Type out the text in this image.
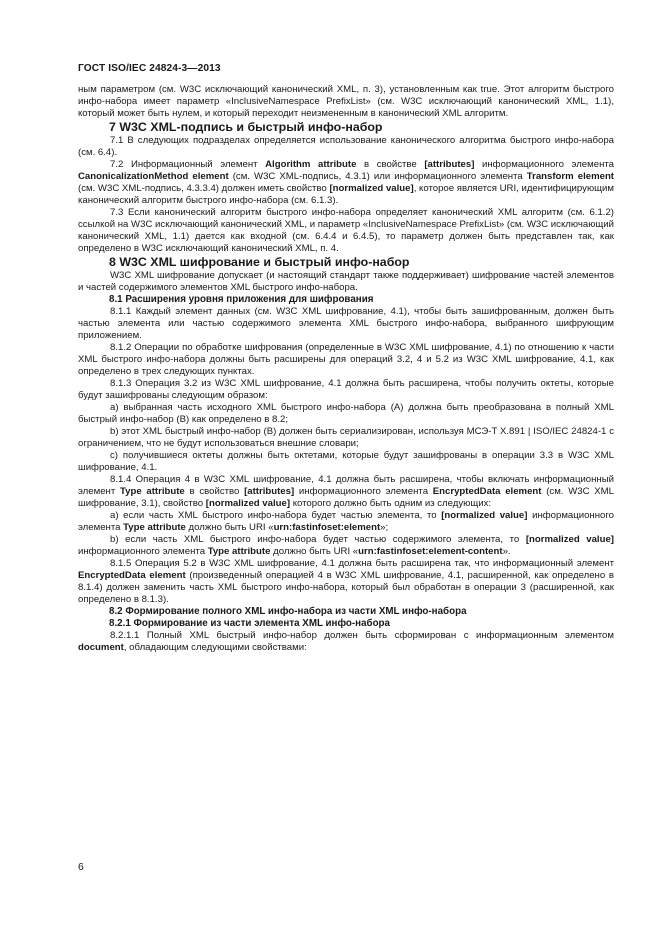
ГОСТ ISO/IEC 24824-3—2013

ным параметром (см. W3C исключающий канонический XML, п. 3), установленным как true. Этот алгоритм быстрого инфо-набора имеет параметр «InclusiveNamespace PrefixList» (см. W3C исключающий канонический XML, 1.1), который может быть нулем, и который переходит неизмененным в канонический XML алгоритм.

7 W3C XML-подпись и быстрый инфо-набор

7.1 В следующих подразделах определяется использование канонического алгоритма быстрого инфо-набора (см. 6.4).

7.2 Информационный элемент Algorithm attribute в свойстве [attributes] информационного элемента CanonicalizationMethod element (см. W3C XML-подпись, 4.3.1) или информационного элемента Transform element (см. W3C XML-подпись, 4.3.3.4) должен иметь свойство [normalized value], которое является URI, идентифицирующим канонический алгоритм быстрого инфо-набора (см. 6.1.3).

7.3 Если канонический алгоритм быстрого инфо-набора определяет канонический XML алгоритм (см. 6.1.2) ссылкой на W3C исключающий канонический XML, и параметр «InclusiveNamespace PrefixList» (см. W3C исключающий канонический XML, 1.1) дается как входной (см. 6.4.4 и 6.4.5), то параметр должен быть представлен так, как определено в W3C исключающий канонический XML, п. 4.

8 W3C XML шифрование и быстрый инфо-набор

W3C XML шифрование допускает (и настоящий стандарт также поддерживает) шифрование частей элементов и частей содержимого элементов XML быстрого инфо-набора.

8.1 Расширения уровня приложения для шифрования

8.1.1 Каждый элемент данных (см. W3C XML шифрование, 4.1), чтобы быть зашифрованным, должен быть частью элемента или частью содержимого элемента XML быстрого инфо-набора, выбранного шифрующим приложением.

8.1.2 Операции по обработке шифрования (определенные в W3C XML шифрование, 4.1) по отношению к части XML быстрого инфо-набора должны быть расширены для операций 3.2, 4 и 5.2 из W3C XML шифрование, 4.1, как определено в трех следующих пунктах.

8.1.3 Операция 3.2 из W3C XML шифрование, 4.1 должна быть расширена, чтобы получить октеты, которые будут зашифрованы следующим образом:

a) выбранная часть исходного XML быстрого инфо-набора (A) должна быть преобразована в полный XML быстрый инфо-набор (B) как определено в 8.2;

b) этот XML быстрый инфо-набор (B) должен быть сериализирован, используя МСЭ-T X.891 | ISO/IEC 24824-1 с ограничением, что не будут использоваться внешние словари;

c) получившиеся октеты должны быть октетами, которые будут зашифрованы в операции 3.3 в W3C XML шифрование, 4.1.

8.1.4 Операция 4 в W3C XML шифрование, 4.1 должна быть расширена, чтобы включать информационный элемент Type attribute в свойство [attributes] информационного элемента EncryptedData element (см. W3C XML шифрование, 3.1), свойство [normalized value] которого должно быть одним из следующих:

a) если часть XML быстрого инфо-набора будет частью элемента, то [normalized value] информационного элемента Type attribute должно быть URI «urn:fastinfoset:element»;

b) если часть XML быстрого инфо-набора будет частью содержимого элемента, то [normalized value] информационного элемента Type attribute должно быть URI «urn:fastinfoset:element-content».

8.1.5 Операция 5.2 в W3C XML шифрование, 4.1 должна быть расширена так, что информационный элемент EncryptedData element (произведенный операцией 4 в W3C XML шифрование, 4.1, расширенной, как определено в 8.1.4) должен заменить часть XML быстрого инфо-набора, который был обработан в операции 3 (расширенной, как определено в 8.1.3).

8.2 Формирование полного XML инфо-набора из части XML инфо-набора

8.2.1 Формирование из части элемента XML инфо-набора

8.2.1.1 Полный XML быстрый инфо-набор должен быть сформирован с информационным элементом document, обладающим следующими свойствами:

6
